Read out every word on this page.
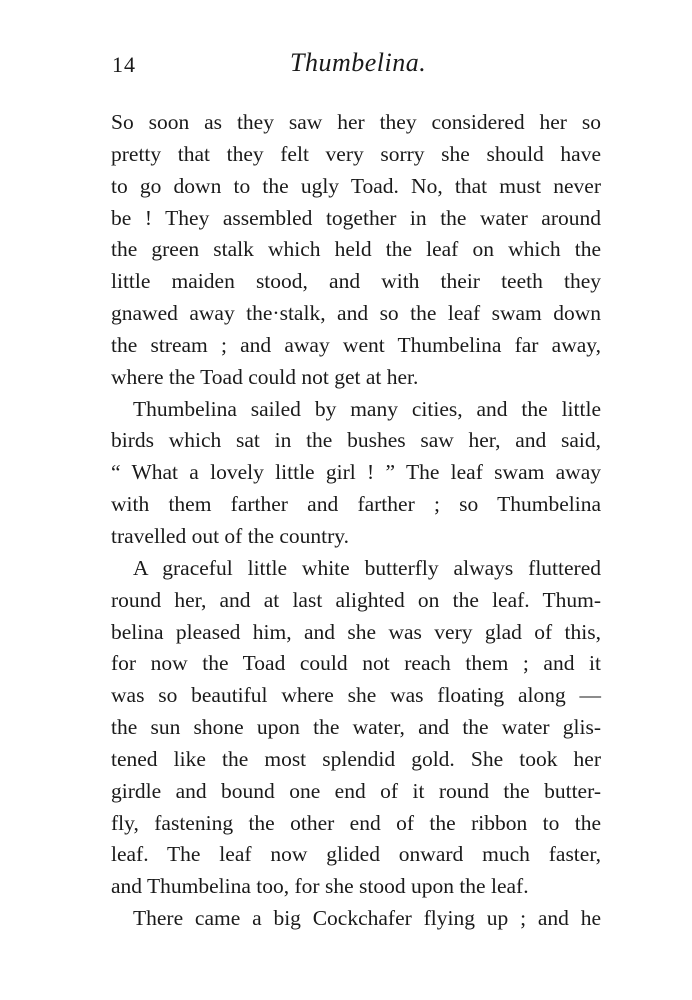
14	Thumbelina.
So soon as they saw her they considered her so
pretty that they felt very sorry she should have
to go down to the ugly Toad. No, that must never
be ! They assembled together in the water around
the green stalk which held the leaf on which the
little maiden stood, and with their teeth they
gnawed away the·stalk, and so the leaf swam down
the stream ; and away went Thumbelina far away,
where the Toad could not get at her.
Thumbelina sailed by many cities, and the little
birds which sat in the bushes saw her, and said,
“ What a lovely little girl ! ” The leaf swam away
with them farther and farther ; so Thumbelina
travelled out of the country.
A graceful little white butterfly always fluttered
round her, and at last alighted on the leaf. Thum-
belina pleased him, and she was very glad of this,
for now the Toad could not reach them ; and it
was so beautiful where she was floating along —
the sun shone upon the water, and the water glis-
tened like the most splendid gold. She took her
girdle and bound one end of it round the butter-
fly, fastening the other end of the ribbon to the
leaf. The leaf now glided onward much faster,
and Thumbelina too, for she stood upon the leaf.
There came a big Cockchafer flying up ; and he
